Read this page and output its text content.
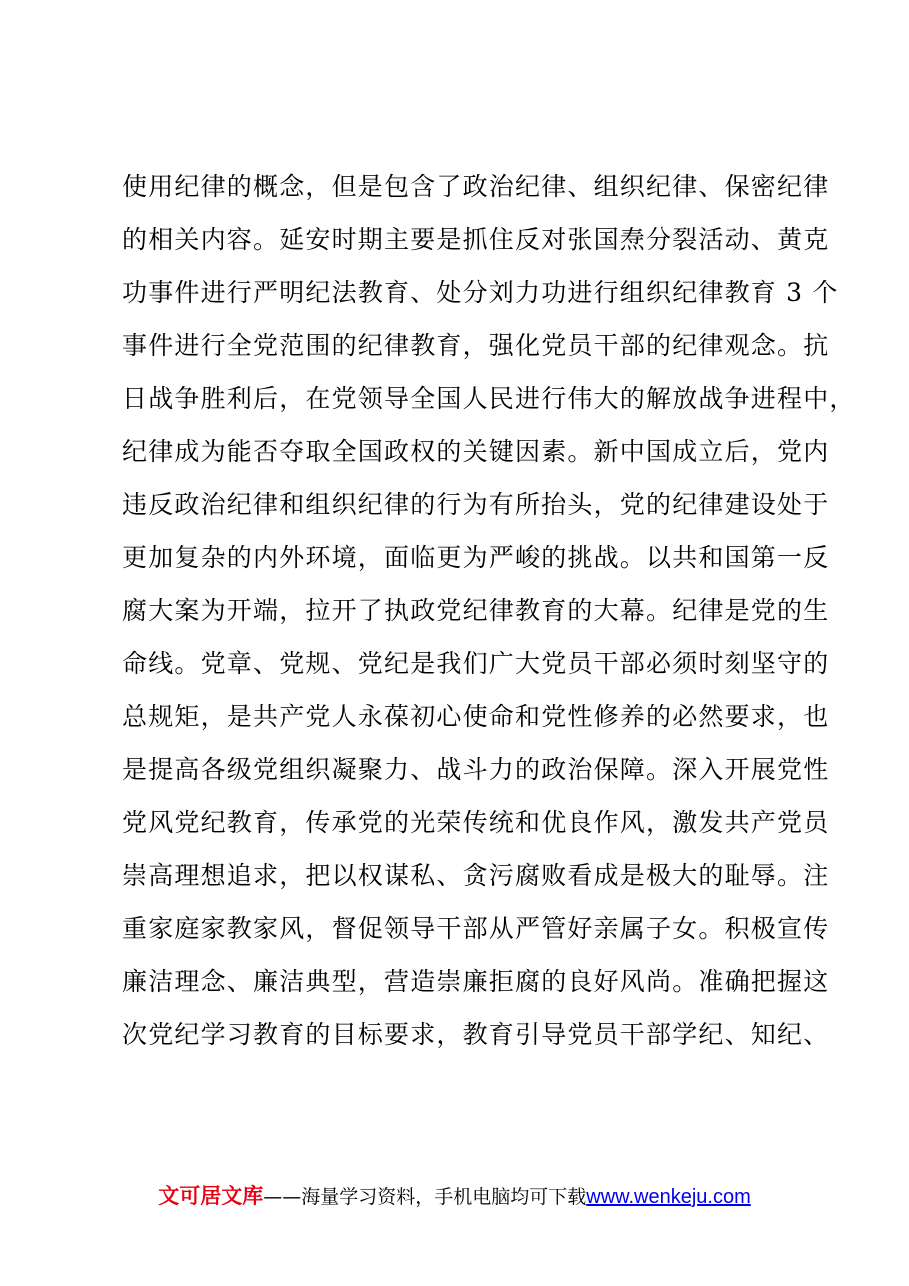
使用纪律的概念，但是包含了政治纪律、组织纪律、保密纪律
的相关内容。延安时期主要是抓住反对张国焘分裂活动、黄克
功事件进行严明纪法教育、处分刘力功进行组织纪律教育 3 个
事件进行全党范围的纪律教育，强化党员干部的纪律观念。抗
日战争胜利后，在党领导全国人民进行伟大的解放战争进程中，
纪律成为能否夺取全国政权的关键因素。新中国成立后，党内
违反政治纪律和组织纪律的行为有所抬头，党的纪律建设处于
更加复杂的内外环境，面临更为严峻的挑战。以共和国第一反
腐大案为开端，拉开了执政党纪律教育的大幕。纪律是党的生
命线。党章、党规、党纪是我们广大党员干部必须时刻坚守的
总规矩，是共产党人永葆初心使命和党性修养的必然要求，也
是提高各级党组织凝聚力、战斗力的政治保障。深入开展党性
党风党纪教育，传承党的光荣传统和优良作风，激发共产党员
崇高理想追求，把以权谋私、贪污腐败看成是极大的耻辱。注
重家庭家教家风，督促领导干部从严管好亲属子女。积极宣传
廉洁理念、廉洁典型，营造崇廉拒腐的良好风尚。准确把握这
次党纪学习教育的目标要求，教育引导党员干部学纪、知纪、
文可居文库——海量学习资料，手机电脑均可下载www.wenkeju.com
